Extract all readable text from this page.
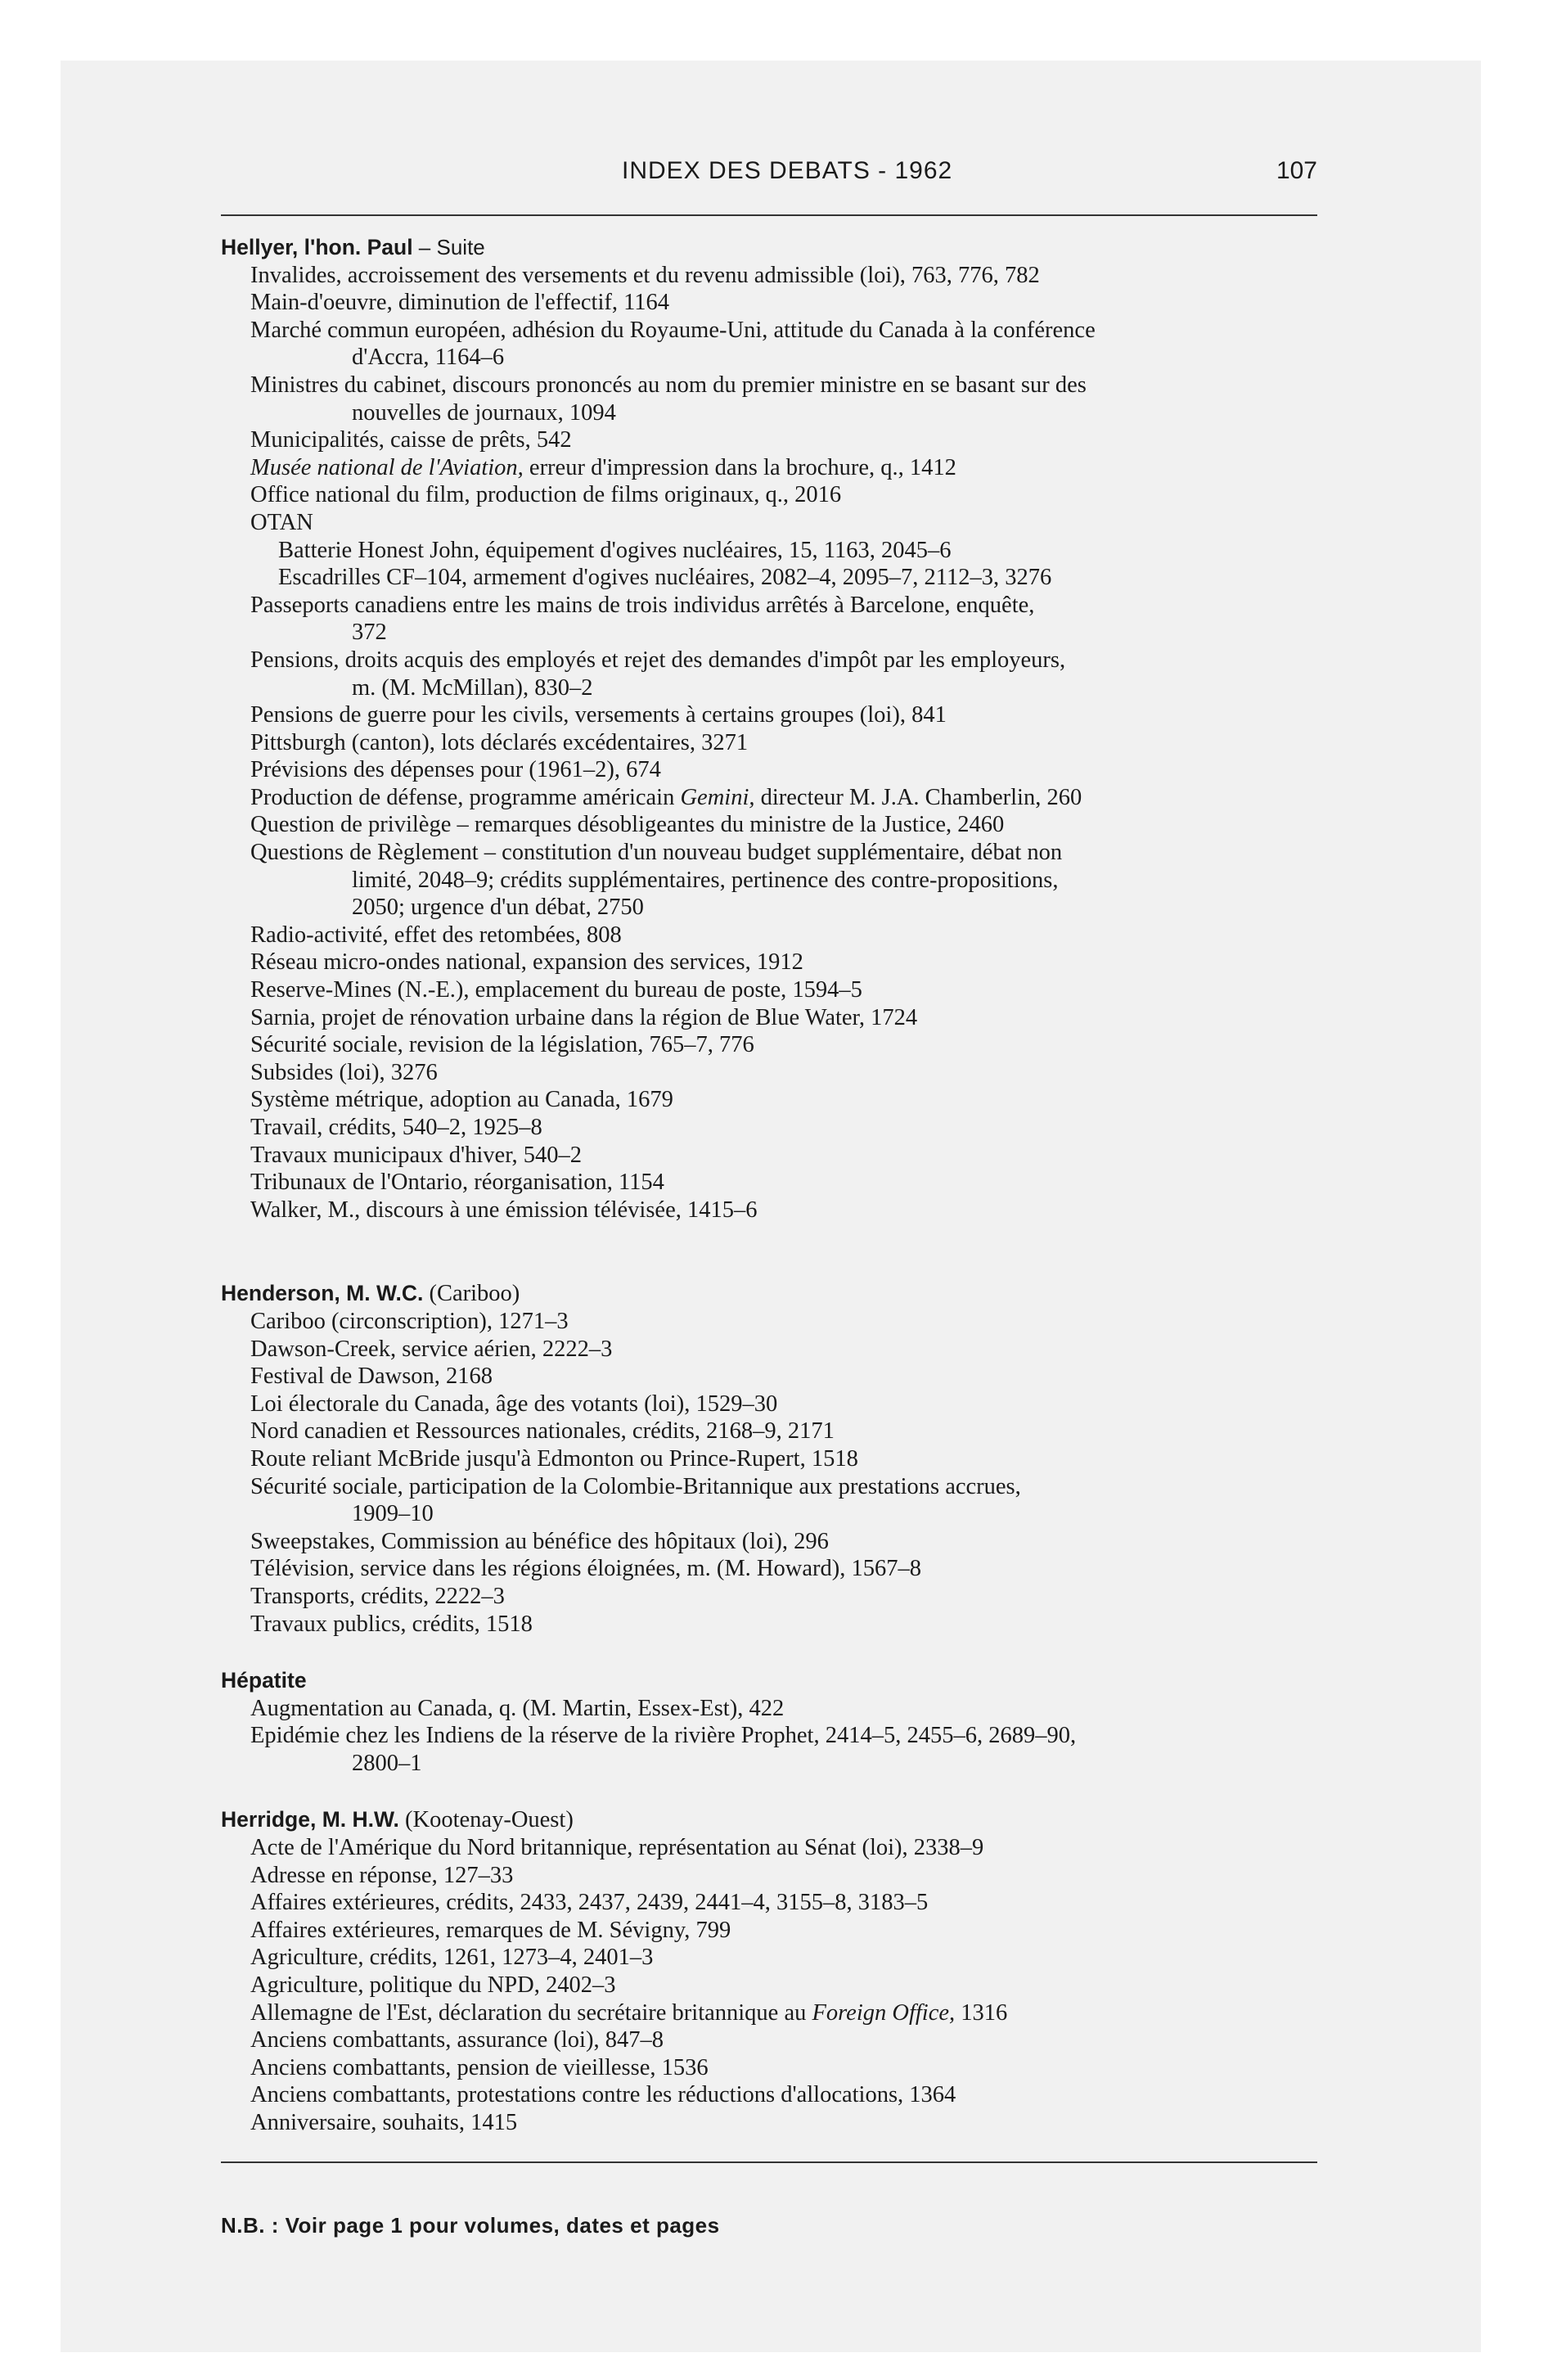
INDEX DES DEBATS - 1962	107
Hellyer, l'hon. Paul – Suite
Invalides, accroissement des versements et du revenu admissible (loi), 763, 776, 782
Main-d'oeuvre, diminution de l'effectif, 1164
Marché commun européen, adhésion du Royaume-Uni, attitude du Canada à la conférence
d'Accra, 1164–6
Ministres du cabinet, discours prononcés au nom du premier ministre en se basant sur des
nouvelles de journaux, 1094
Municipalités, caisse de prêts, 542
Musée national de l'Aviation, erreur d'impression dans la brochure, q., 1412
Office national du film, production de films originaux, q., 2016
OTAN
Batterie Honest John, équipement d'ogives nucléaires, 15, 1163, 2045–6
Escadrilles CF–104, armement d'ogives nucléaires, 2082–4, 2095–7, 2112–3, 3276
Passeports canadiens entre les mains de trois individus arrêtés à Barcelone, enquête,
372
Pensions, droits acquis des employés et rejet des demandes d'impôt par les employeurs,
m. (M. McMillan), 830–2
Pensions de guerre pour les civils, versements à certains groupes (loi), 841
Pittsburgh (canton), lots déclarés excédentaires, 3271
Prévisions des dépenses pour (1961–2), 674
Production de défense, programme américain Gemini, directeur M. J.A. Chamberlin, 260
Question de privilège – remarques désobligeantes du ministre de la Justice, 2460
Questions de Règlement – constitution d'un nouveau budget supplémentaire, débat non
limité, 2048–9; crédits supplémentaires, pertinence des contre-propositions,
2050; urgence d'un débat, 2750
Radio-activité, effet des retombées, 808
Réseau micro-ondes national, expansion des services, 1912
Reserve-Mines (N.-E.), emplacement du bureau de poste, 1594–5
Sarnia, projet de rénovation urbaine dans la région de Blue Water, 1724
Sécurité sociale, revision de la législation, 765–7, 776
Subsides (loi), 3276
Système métrique, adoption au Canada, 1679
Travail, crédits, 540–2, 1925–8
Travaux municipaux d'hiver, 540–2
Tribunaux de l'Ontario, réorganisation, 1154
Walker, M., discours à une émission télévisée, 1415–6
Henderson, M. W.C. (Cariboo)
Cariboo (circonscription), 1271–3
Dawson-Creek, service aérien, 2222–3
Festival de Dawson, 2168
Loi électorale du Canada, âge des votants (loi), 1529–30
Nord canadien et Ressources nationales, crédits, 2168–9, 2171
Route reliant McBride jusqu'à Edmonton ou Prince-Rupert, 1518
Sécurité sociale, participation de la Colombie-Britannique aux prestations accrues,
1909–10
Sweepstakes, Commission au bénéfice des hôpitaux (loi), 296
Télévision, service dans les régions éloignées, m. (M. Howard), 1567–8
Transports, crédits, 2222–3
Travaux publics, crédits, 1518
Hépatite
Augmentation au Canada, q. (M. Martin, Essex-Est), 422
Epidémie chez les Indiens de la réserve de la rivière Prophet, 2414–5, 2455–6, 2689–90,
2800–1
Herridge, M. H.W. (Kootenay-Ouest)
Acte de l'Amérique du Nord britannique, représentation au Sénat (loi), 2338–9
Adresse en réponse, 127–33
Affaires extérieures, crédits, 2433, 2437, 2439, 2441–4, 3155–8, 3183–5
Affaires extérieures, remarques de M. Sévigny, 799
Agriculture, crédits, 1261, 1273–4, 2401–3
Agriculture, politique du NPD, 2402–3
Allemagne de l'Est, déclaration du secrétaire britannique au Foreign Office, 1316
Anciens combattants, assurance (loi), 847–8
Anciens combattants, pension de vieillesse, 1536
Anciens combattants, protestations contre les réductions d'allocations, 1364
Anniversaire, souhaits, 1415
N.B. : Voir page 1 pour volumes, dates et pages
